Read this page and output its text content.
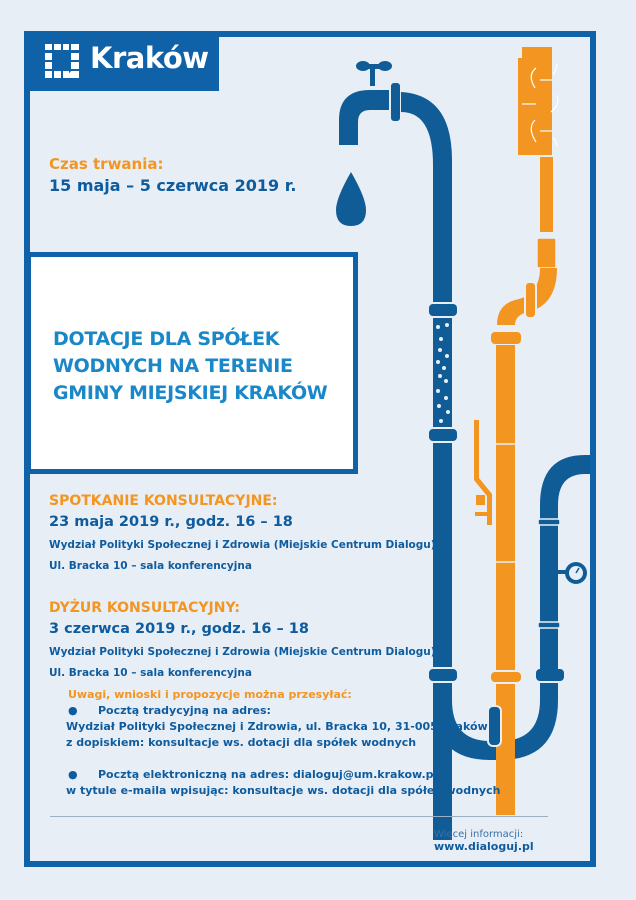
Kraków
Czas trwania:
15 maja – 5 czerwca 2019 r.
DOTACJE DLA SPÓŁEK
WODNYCH NA TERENIE
GMINY MIEJSKIEJ KRAKÓW
SPOTKANIE KONSULTACYJNE:
23 maja 2019 r., godz. 16 – 18
Wydział Polityki Społecznej i Zdrowia (Miejskie Centrum Dialogu)
Ul. Bracka 10 – sala konferencyjna
DYŻUR KONSULTACYJNY:
3 czerwca 2019 r., godz. 16 – 18
Wydział Polityki Społecznej i Zdrowia (Miejskie Centrum Dialogu)
Ul. Bracka 10 – sala konferencyjna
Uwagi, wnioski i propozycje można przesyłać:
● Pocztą tradycyjną na adres:
Wydział Polityki Społecznej i Zdrowia, ul. Bracka 10, 31-005 Kraków
z dopiskiem: konsultacje ws. dotacji dla spółek wodnych
● Pocztą elektroniczną na adres: dialoguj@um.krakow.pl
w tytule e-maila wpisując: konsultacje ws. dotacji dla spółek wodnych
Więcej informacji:
www.dialoguj.pl
